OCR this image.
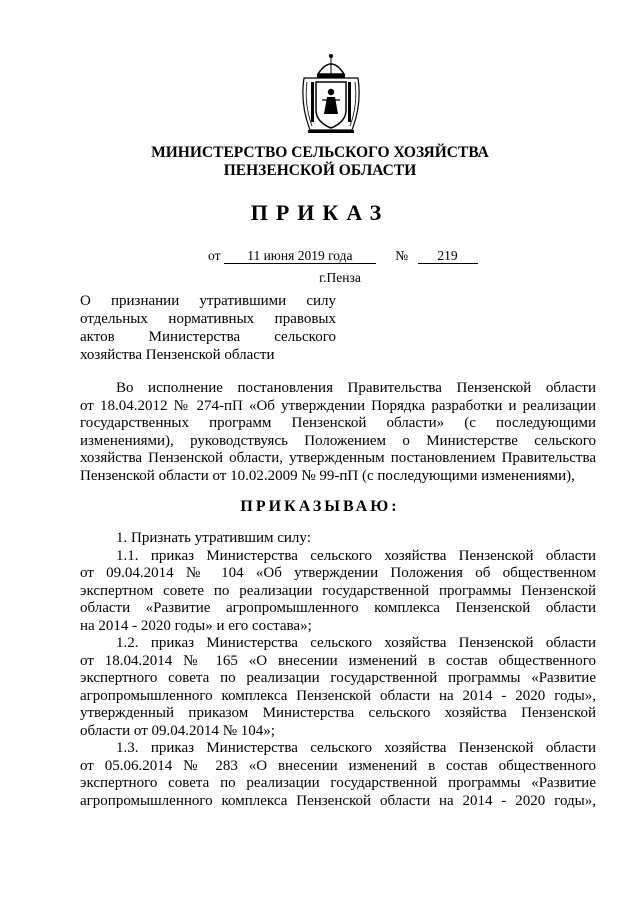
МИНИСТЕРСТВО СЕЛЬСКОГО ХОЗЯЙСТВА
ПЕНЗЕНСКОЙ ОБЛАСТИ
ПРИКАЗ
от 11 июня 2019 года	№ 219
г.Пенза
О признании утратившими силу
отдельных нормативных правовых
актов Министерства сельского
хозяйства Пензенской области
Во исполнение постановления Правительства Пензенской области
от 18.04.2012 № 274-пП «Об утверждении Порядка разработки и реализации
государственных программ Пензенской области» (с последующими
изменениями), руководствуясь Положением о Министерстве сельского
хозяйства Пензенской области, утвержденным постановлением Правительства
Пензенской области от 10.02.2009 № 99-пП (с последующими изменениями),
ПРИКАЗЫВАЮ:
1. Признать утратившим силу:
1.1. приказ Министерства сельского хозяйства Пензенской области
от 09.04.2014 № 104 «Об утверждении Положения об общественном
экспертном совете по реализации государственной программы Пензенской
области «Развитие агропромышленного комплекса Пензенской области
на 2014 - 2020 годы» и его состава»;
1.2. приказ Министерства сельского хозяйства Пензенской области
от 18.04.2014 № 165 «О внесении изменений в состав общественного
экспертного совета по реализации государственной программы «Развитие
агропромышленного комплекса Пензенской области на 2014 - 2020 годы»,
утвержденный приказом Министерства сельского хозяйства Пензенской
области от 09.04.2014 № 104»;
1.3. приказ Министерства сельского хозяйства Пензенской области
от 05.06.2014 № 283 «О внесении изменений в состав общественного
экспертного совета по реализации государственной программы «Развитие
агропромышленного комплекса Пензенской области на 2014 - 2020 годы»,
